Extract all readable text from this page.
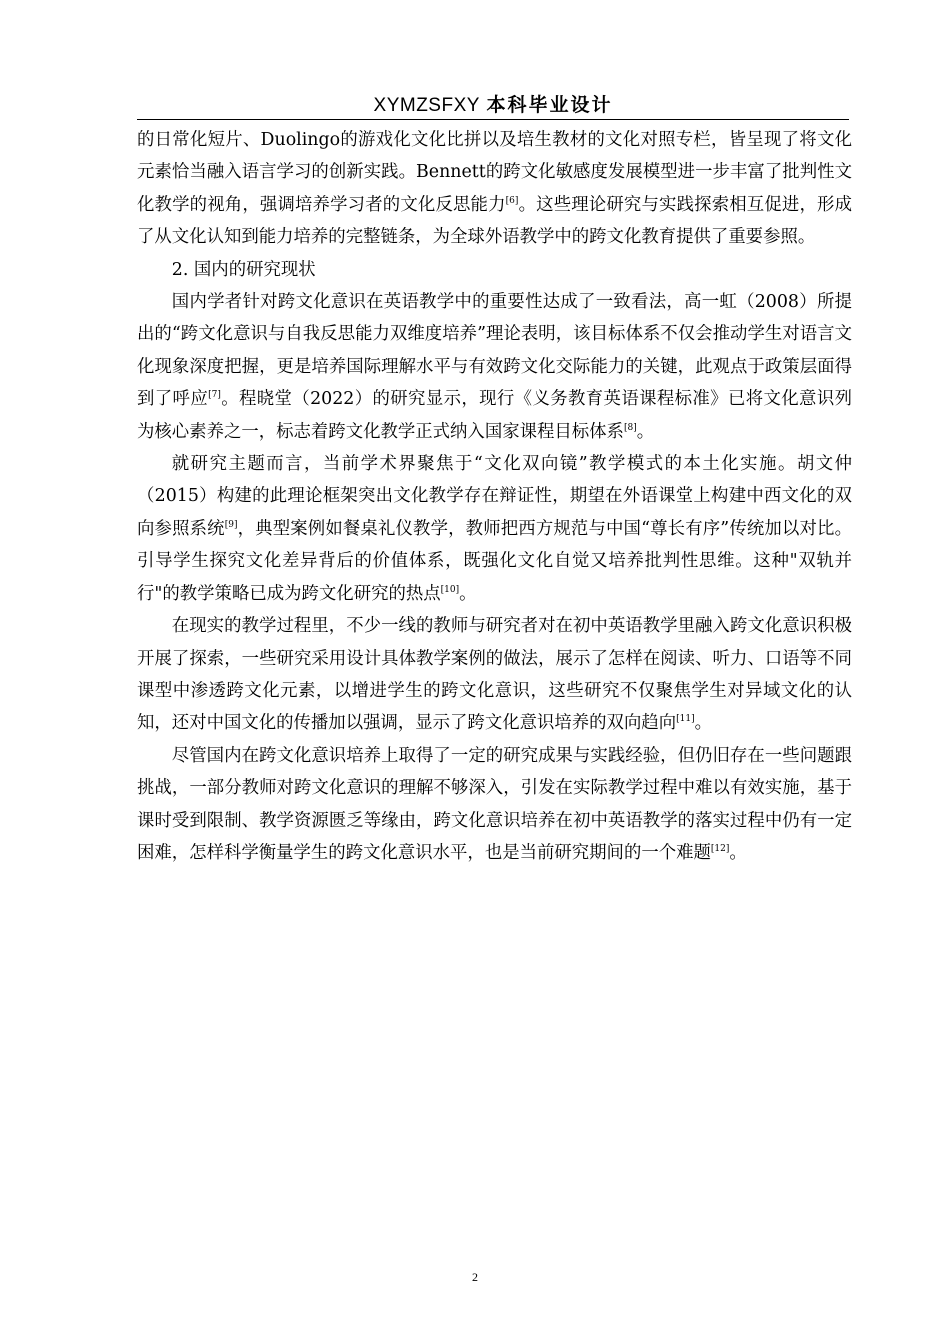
XYMZSFXY 本科毕业设计

的日常化短片、Duolingo的游戏化文化比拼以及培生教材的文化对照专栏，皆呈现了将文化元素恰当融入语言学习的创新实践。Bennett的跨文化敏感度发展模型进一步丰富了批判性文化教学的视角，强调培养学习者的文化反思能力[6]。这些理论研究与实践探索相互促进，形成了从文化认知到能力培养的完整链条，为全球外语教学中的跨文化教育提供了重要参照。

2. 国内的研究现状

国内学者针对跨文化意识在英语教学中的重要性达成了一致看法，高一虹（2008）所提出的“跨文化意识与自我反思能力双维度培养”理论表明，该目标体系不仅会推动学生对语言文化现象深度把握，更是培养国际理解水平与有效跨文化交际能力的关键，此观点于政策层面得到了呼应[7]。程晓堂（2022）的研究显示，现行《义务教育英语课程标准》已将文化意识列为核心素养之一，标志着跨文化教学正式纳入国家课程目标体系[8]。

就研究主题而言，当前学术界聚焦于“文化双向镜”教学模式的本土化实施。胡文仲（2015）构建的此理论框架突出文化教学存在辩证性，期望在外语课堂上构建中西文化的双向参照系统[9]，典型案例如餐桌礼仪教学，教师把西方规范与中国“尊长有序”传统加以对比。引导学生探究文化差异背后的价值体系，既强化文化自觉又培养批判性思维。这种"双轨并行"的教学策略已成为跨文化研究的热点[10]。

在现实的教学过程里，不少一线的教师与研究者对在初中英语教学里融入跨文化意识积极开展了探索，一些研究采用设计具体教学案例的做法，展示了怎样在阅读、听力、口语等不同课型中渗透跨文化元素，以增进学生的跨文化意识，这些研究不仅聚焦学生对异域文化的认知，还对中国文化的传播加以强调，显示了跨文化意识培养的双向趋向[11]。

尽管国内在跨文化意识培养上取得了一定的研究成果与实践经验，但仍旧存在一些问题跟挑战，一部分教师对跨文化意识的理解不够深入，引发在实际教学过程中难以有效实施，基于课时受到限制、教学资源匮乏等缘由，跨文化意识培养在初中英语教学的落实过程中仍有一定困难，怎样科学衡量学生的跨文化意识水平，也是当前研究期间的一个难题[12]。

2
